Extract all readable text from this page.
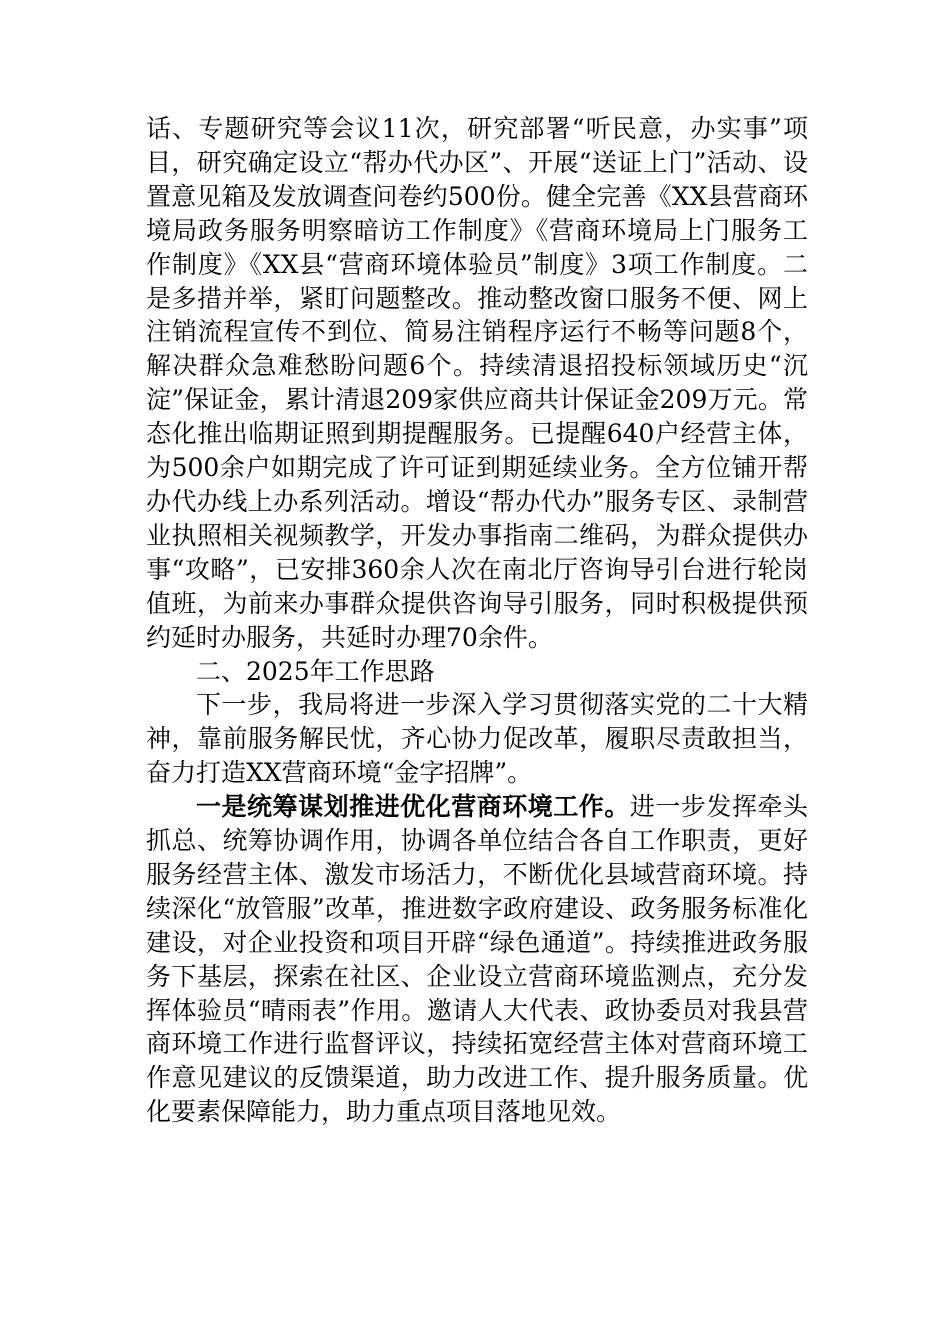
话、专题研究等会议11次，研究部署“听民意，办实事”项目，研究确定设立“帮办代办区”、开展“送证上门”活动、设置意见箱及发放调查问卷约500份。健全完善《XX县营商环境局政务服务明察暗访工作制度》《营商环境局上门服务工作制度》《XX县“营商环境体验员”制度》3项工作制度。二是多措并举，紧盯问题整改。推动整改窗口服务不便、网上注销流程宣传不到位、简易注销程序运行不畅等问题8个，解决群众急难愁盼问题6个。持续清退招投标领域历史“沉淀”保证金，累计清退209家供应商共计保证金209万元。常态化推出临期证照到期提醒服务。已提醒640户经营主体，为500余户如期完成了许可证到期延续业务。全方位铺开帮办代办线上办系列活动。增设“帮办代办”服务专区、录制营业执照相关视频教学，开发办事指南二维码，为群众提供办事“攻略”，已安排360余人次在南北厅咨询导引台进行轮岗值班，为前来办事群众提供咨询导引服务，同时积极提供预约延时办服务，共延时办理70余件。

二、2025年工作思路

下一步，我局将进一步深入学习贯彻落实党的二十大精神，靠前服务解民忧，齐心协力促改革，履职尽责敢担当，奋力打造XX营商环境“金字招牌”。

一是统筹谋划推进优化营商环境工作。进一步发挥牵头抓总、统筹协调作用，协调各单位结合各自工作职责，更好服务经营主体、激发市场活力，不断优化县域营商环境。持续深化“放管服”改革，推进数字政府建设、政务服务标准化建设，对企业投资和项目开辟“绿色通道”。持续推进政务服务下基层，探索在社区、企业设立营商环境监测点，充分发挥体验员“晴雨表”作用。邀请人大代表、政协委员对我县营商环境工作进行监督评议，持续拓宽经营主体对营商环境工作意见建议的反馈渠道，助力改进工作、提升服务质量。优化要素保障能力，助力重点项目落地见效。
